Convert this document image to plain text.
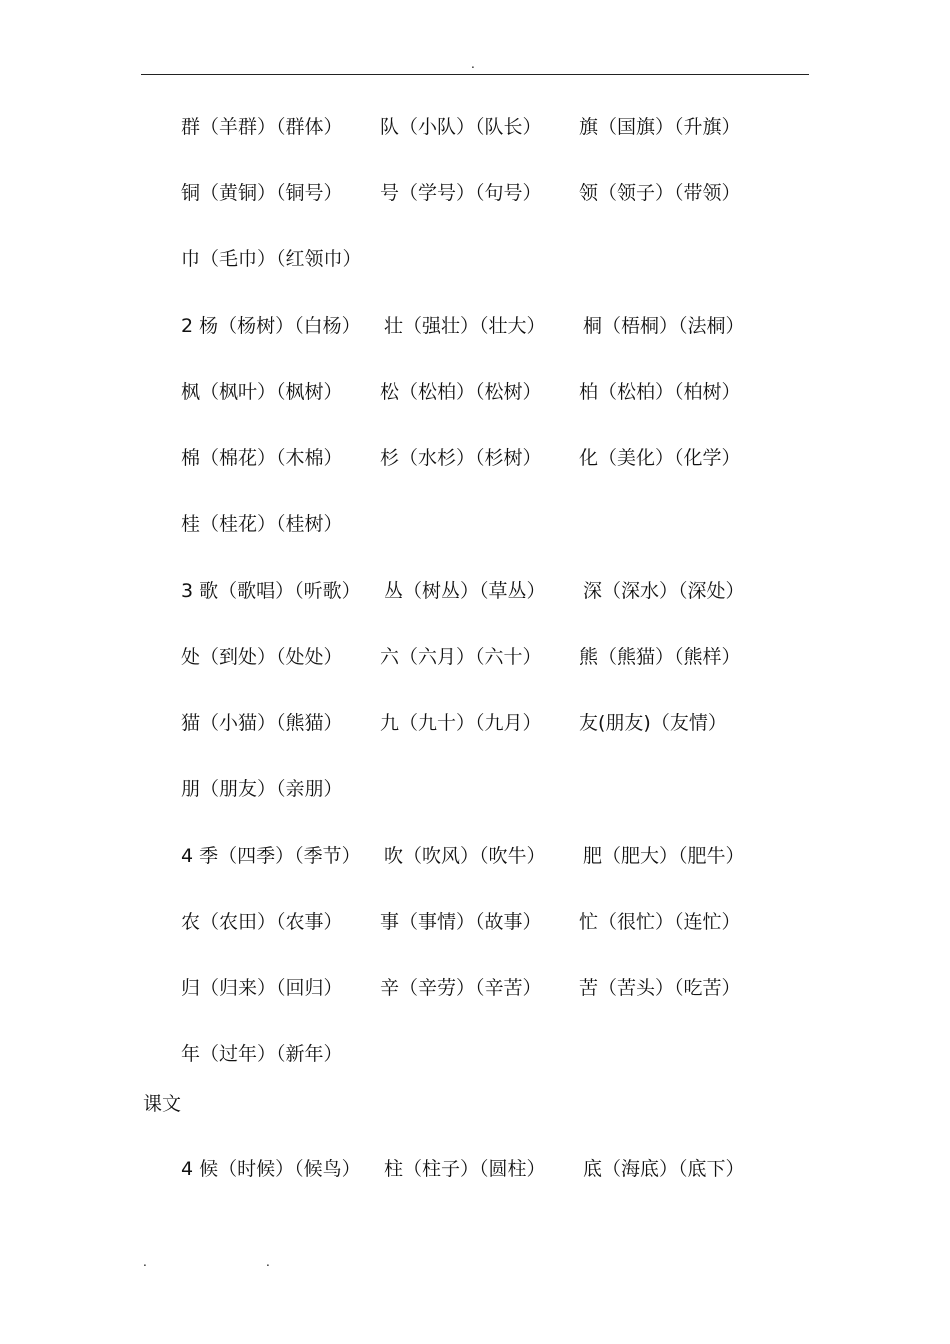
.
群（羊群）（群体） 队（小队）（队长） 旗（国旗）（升旗）
铜（黄铜）（铜号） 号（学号）（句号） 领（领子）（带领）
巾（毛巾）（红领巾）
2 杨（杨树）（白杨） 壮（强壮）（壮大） 桐（梧桐）（法桐）
枫（枫叶）（枫树） 松（松柏）（松树） 柏（松柏）（柏树）
棉（棉花）（木棉） 杉（水杉）（杉树） 化（美化）（化学）
桂（桂花）（桂树）
3 歌（歌唱）（听歌） 丛（树丛）（草丛） 深（深水）（深处）
处（到处）（处处） 六（六月）（六十） 熊（熊猫）（熊样）
猫（小猫）（熊猫） 九（九十）（九月） 友(朋友)（友情）
朋（朋友）（亲朋）
4 季（四季）（季节） 吹（吹风）（吹牛） 肥（肥大）（肥牛）
农（农田）（农事） 事（事情）（故事） 忙（很忙）（连忙）
归（归来）（回归） 辛（辛劳）（辛苦） 苦（苦头）（吃苦）
年（过年）（新年）
课文
4 候（时候）（候鸟） 柱（柱子）（圆柱） 底（海底）（底下）
.	.
